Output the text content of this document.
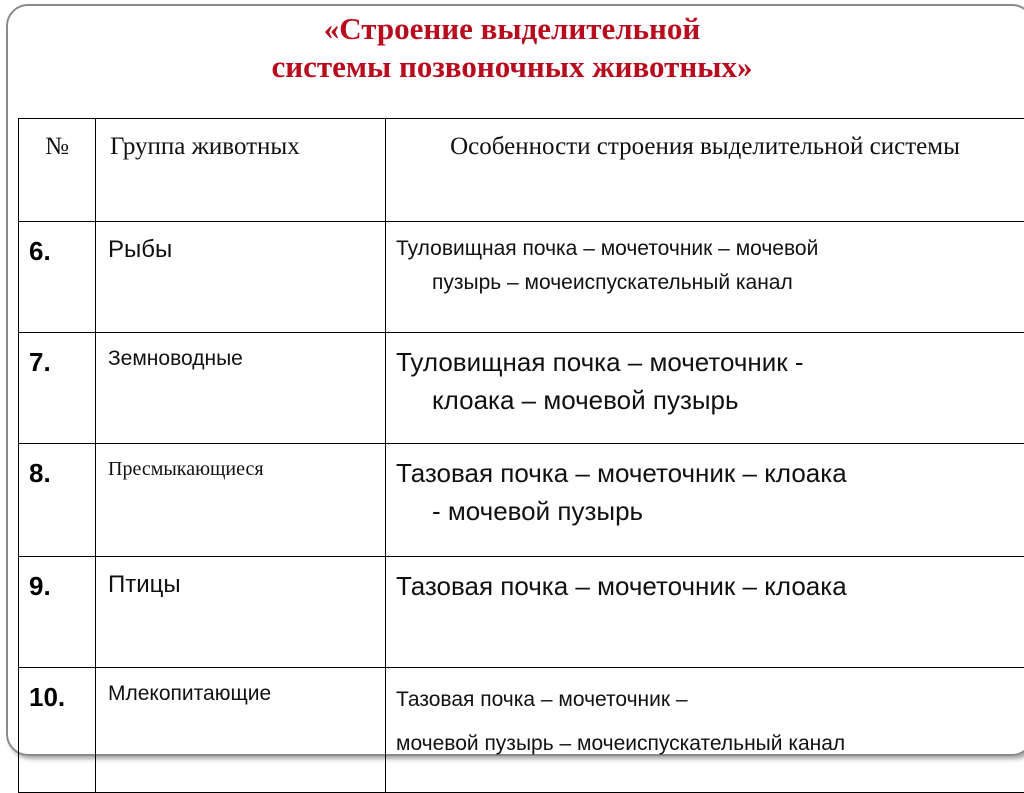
«Строение выделительной
системы позвоночных животных»
№	Группа животных	Особенности строения выделительной системы
6.	Рыбы	Туловищная почка – мочеточник – мочевой
пузырь – мочеиспускательный канал

7.	Земноводные	Туловищная почка – мочеточник -
клоака – мочевой пузырь

8.	Пресмыкающиеся	Тазовая почка – мочеточник – клоака
- мочевой пузырь

9.	Птицы	Тазовая почка – мочеточник – клоака

10.	Млекопитающие	Тазовая почка – мочеточник –
мочевой пузырь – мочеиспускательный канал
